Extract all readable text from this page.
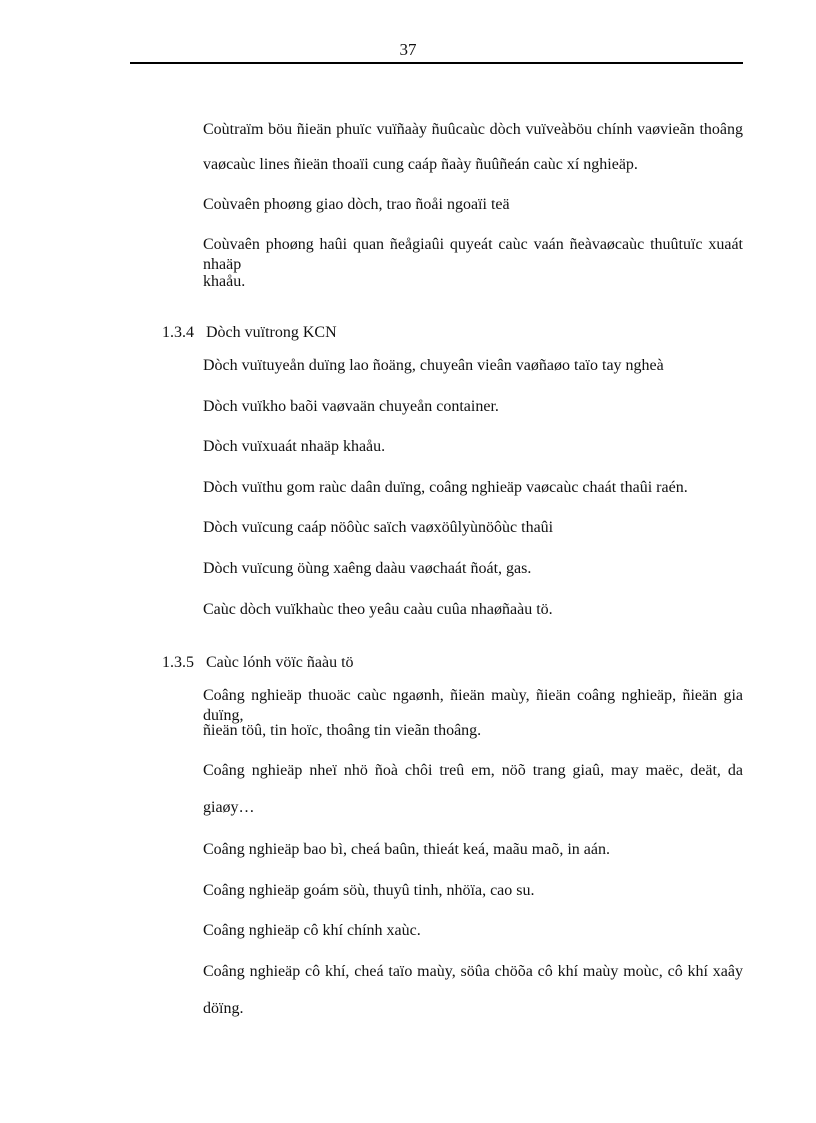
37
Coùtraïm böu ñieän phuïc vuïñaày ñuûcaùc dòch vuïveàböu chính vaøvieãn thoâng
vaøcaùc lines ñieän thoaïi cung caáp ñaày ñuûñeán caùc xí nghieäp.
Coùvaên phoøng giao dòch, trao ñoåi ngoaïi teä
Coùvaên phoøng haûi quan ñeågiaûi quyeát caùc vaán ñeàvaøcaùc thuûtuïc xuaát nhaäp
khaåu.
1.3.4 Dòch vuïtrong KCN
Dòch vuïtuyeån duïng lao ñoäng, chuyeân vieân vaøñaøo taïo tay ngheà
Dòch vuïkho baõi vaøvaän chuyeån container.
Dòch vuïxuaát nhaäp khaåu.
Dòch vuïthu gom raùc daân duïng, coâng nghieäp vaøcaùc chaát thaûi raén.
Dòch vuïcung caáp nöôùc saïch vaøxöûlyùnöôùc thaûi
Dòch vuïcung öùng xaêng daàu vaøchaát ñoát, gas.
Caùc dòch vuïkhaùc theo yeâu caàu cuûa nhaøñaàu tö.
1.3.5 Caùc lónh vöïc ñaàu tö
Coâng nghieäp thuoäc caùc ngaønh, ñieän maùy, ñieän coâng nghieäp, ñieän gia duïng,
ñieän töû, tin hoïc, thoâng tin vieãn thoâng.
Coâng nghieäp nheï nhö ñoà chôi treû em, nöõ trang giaû, may maëc, deät, da
giaøy…
Coâng nghieäp bao bì, cheá baûn, thieát keá, maãu maõ, in aán.
Coâng nghieäp goám söù, thuyû tinh, nhöïa, cao su.
Coâng nghieäp cô khí chính xaùc.
Coâng nghieäp cô khí, cheá taïo maùy, söûa chöõa cô khí maùy moùc, cô khí xaây
döïng.
